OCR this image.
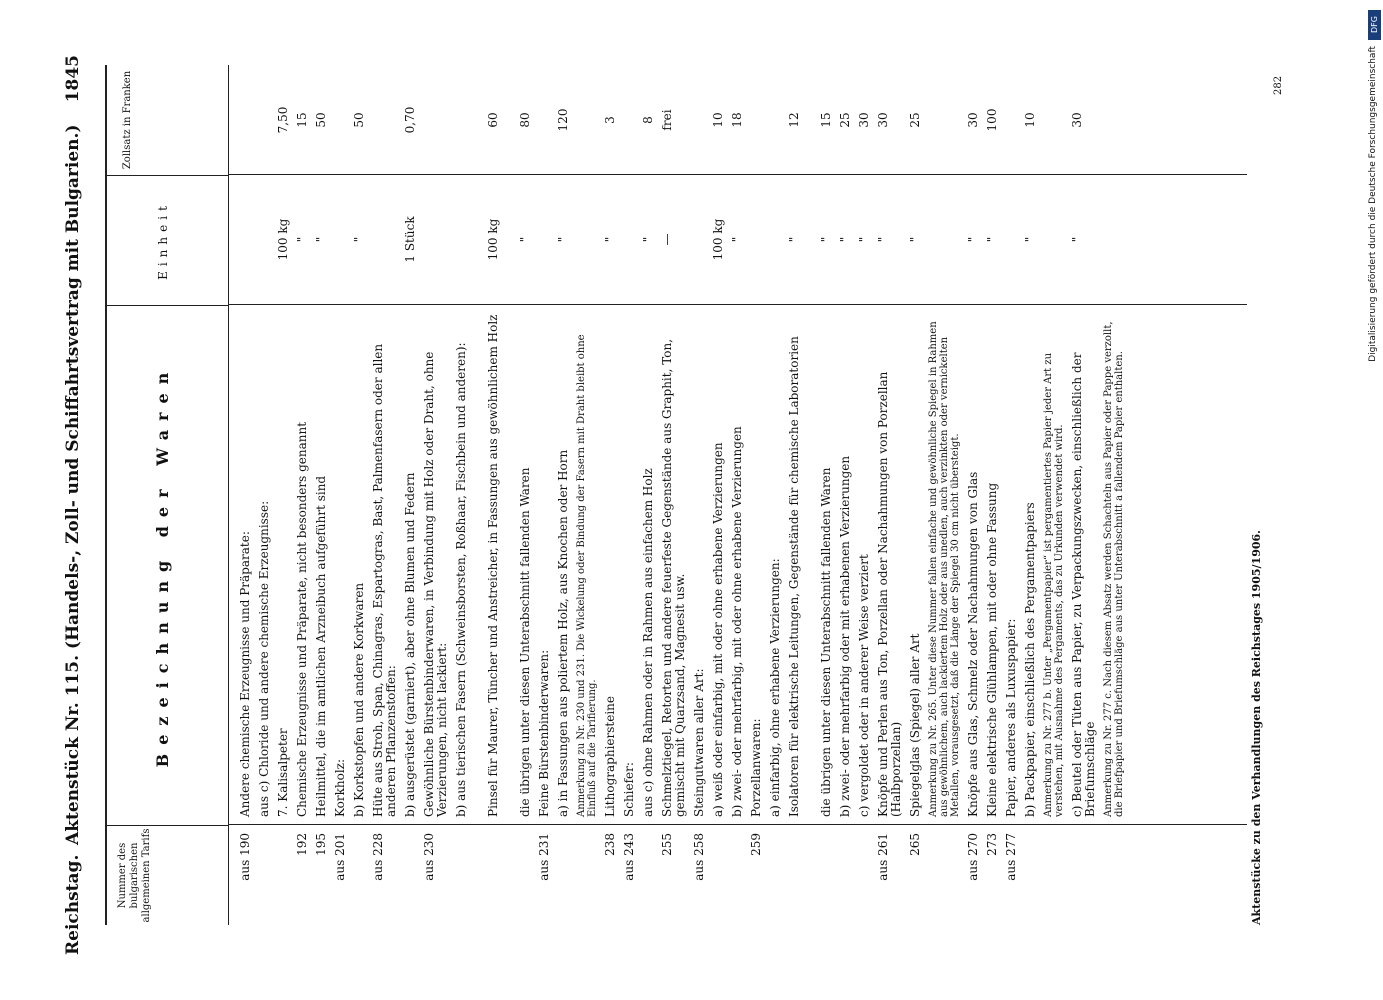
Reichstag.
Aktenstück Nr. 115. (Handels-, Zoll- und Schiffahrtsvertrag mit Bulgarien.)
1845
Nummer des bulgarischen allgemeinen Tarifs
Bezeichnung der Waren
Einheit
Zollsatz in Franken
aus 190
Andere chemische Erzeugnisse und Präparate: aus c) Chloride und andere chemische Erzeugnisse: 7. Kalisalpeter
100 kg
7,50
192
Chemische Erzeugnisse und Präparate, nicht besonders genannt
"
15
195
Heilmittel, die im amtlichen Arzneibuch aufgeführt sind
"
50
aus 201
Korkholz: b) Korkstopfen und andere Korkwaren
"
50
aus 228
Hüte aus Stroh, Span, Chinagras, Espartogras, Bast, Palmenfasern oder allen anderen Pflanzenstoffen: b) ausgerüstet (garniert), aber ohne Blumen und Federn
1 Stück
0,70
aus 230
Gewöhnliche Bürstenbinderwaren, in Verbindung mit Holz oder Draht, ohne Verzierungen, nicht lackiert: b) aus tierischen Fasern (Schweinsborsten, Roßhaar, Fischbein und anderen): Pinsel für Maurer, Tüncher und Anstreicher, in Fassungen aus gewöhnlichem Holz
100 kg
60
die übrigen unter diesen Unterabschnitt fallenden Waren
"
80
aus 231
Feine Bürstenbinderwaren: a) in Fassungen aus poliertem Holz, aus Knochen oder Horn
"
120
Anmerkung zu Nr. 230 und 231. Die Wickelung oder Bindung der Fasern mit Draht bleibt ohne Einfluß auf die Tarifierung.
238
Lithographiersteine
"
3
aus 243
Schiefer: aus c) ohne Rahmen oder in Rahmen aus einfachem Holz
"
8
255
Schmelztiegel, Retorten und andere feuerfeste Gegenstände aus Graphit, Ton, gemischt mit Quarzsand, Magnesit usw.
—
frei
aus 258
Steingutwaren aller Art: a) weiß oder einfarbig, mit oder ohne erhabene Verzierungen
100 kg
10
b) zwei- oder mehrfarbig, mit oder ohne erhabene Verzierungen
"
18
259
Porzellanwaren: a) einfarbig, ohne erhabene Verzierungen: Isolatoren für elektrische Leitungen, Gegenstände für chemische Laboratorien
"
12
die übrigen unter diesen Unterabschnitt fallenden Waren
"
15
b) zwei- oder mehrfarbig oder mit erhabenen Verzierungen
"
25
c) vergoldet oder in anderer Weise verziert
"
30
aus 261
Knöpfe und Perlen aus Ton, Porzellan oder Nachahmungen von Porzellan (Halbporzellan)
"
30
265
Spiegelglas (Spiegel) aller Art
"
25
Anmerkung zu Nr. 265. Unter diese Nummer fallen einfache und gewöhnliche Spiegel in Rahmen aus gewöhnlichem, auch lackiertem Holz oder aus unedlen, auch verzinkten oder vernickelten Metallen, vorausgesetzt, daß die Länge der Spiegel 30 cm nicht übersteigt.
aus 270
Knöpfe aus Glas, Schmelz oder Nachahmungen von Glas
"
30
273
Kleine elektrische Glühlampen, mit oder ohne Fassung
"
100
aus 277
Papier, anderes als Luxuspapier: b) Packpapier, einschließlich des Pergamentpapiers
"
10
Anmerkung zu Nr. 277 b. Unter „Pergamentpapier“ ist pergamentiertes Papier jeder Art zu verstehen, mit Ausnahme des Pergaments, das zu Urkunden verwendet wird. c) Beutel oder Tüten aus Papier, zu Verpackungszwecken, einschließlich der Briefumschläge
"
30
Anmerkung zu Nr. 277 c. Nach diesem Absatz werden Schachteln aus Papier oder Pappe verzollt, die Briefpapier und Briefumschläge aus unter Unterabschnitt a fallendem Papier enthalten.	Aktenstücke zu den Verhandlungen des Reichstages 1905/1906.
282
DFG
Digitalisierung gefördert durch die Deutsche Forschungsgemeinschaft
